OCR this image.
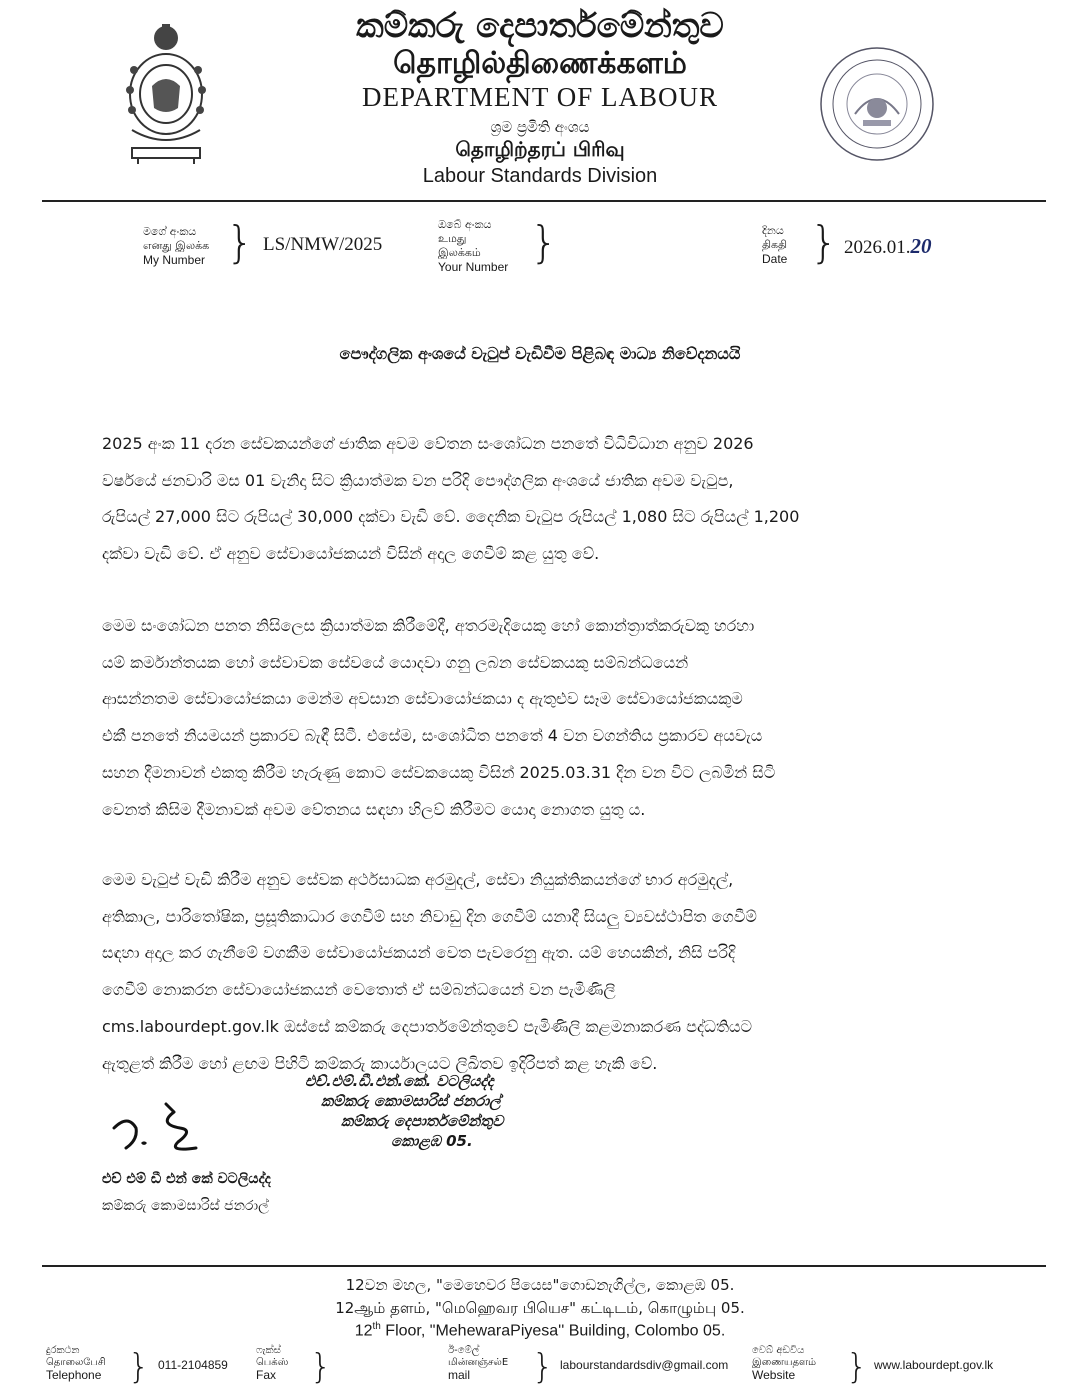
කම්කරු දෙපාර්තමේන්තුව
தொழில்திணைக்களம்
DEPARTMENT OF LABOUR
ශ්‍රම ප්‍රමිති අංශය
தொழிற்தரப் பிரிவு
Labour Standards Division
මගේ අංකය
எனது இலக்க
My Number } LS/NMW/2025
ඔබේ අංකය
உமது
இலக்கம்
Your Number }	දිනය
திகதி
Date } 2026.01.20
පෞද්ගලික අංශයේ වැටුප් වැඩිවීම පිළිබඳ මාධ්‍ය නිවේදනයයි
2025 අංක 11 දරන සේවකයන්ගේ ජාතික අවම වේතන සංශෝධන පනතේ විධිවිධාන අනුව 2026
වර්ෂයේ ජනවාරි මස 01 වැනිදා සිට ක්‍රියාත්මක වන පරිදි පෞද්ගලික අංශයේ ජාතික අවම වැටුප,
රුපියල් 27,000 සිට රුපියල් 30,000 දක්වා වැඩි වේ. දෛනික වැටුප රුපියල් 1,080 සිට රුපියල් 1,200
දක්වා වැඩි වේ. ඒ අනුව සේවායෝජකයන් විසින් අදාල ගෙවීම් කළ යුතු වේ.
මෙම සංශෝධන පනත නිසිලෙස ක්‍රියාත්මක කිරීමේදී, අතරමැදියෙකු හෝ කොන්ත්‍රාත්කරුවකු හරහා
යම් කර්මාන්තයක හෝ සේවාවක සේවයේ යොදවා ගනු ලබන සේවකයකු සම්බන්ධයෙන්
ආසන්නතම සේවායෝජකයා මෙන්ම අවසාන සේවායෝජකයා ද ඇතුළුව සෑම සේවායෝජකයකුම
එකී පනතේ නියමයන් ප්‍රකාරව බැඳී සිටී. එසේම, සංශෝධිත පනතේ 4 වන වගන්තිය ප්‍රකාරව අයවැය
සහන දීමනාවන් එකතු කිරීම හැරුණු කොට සේවකයෙකු විසින් 2025.03.31 දින වන විට ලබමින් සිටි
වෙනත් කිසිම දීමනාවක් අවම වේතනය සඳහා හිලව් කිරීමට යොදා නොගත යුතු ය.
මෙම වැටුප් වැඩි කිරීම අනුව සේවක අර්ථසාධක අරමුදල්, සේවා නියුක්තිකයන්ගේ භාර අරමුදල්,
අතිකාල, පාරිතෝෂික, ප්‍රසූතිකාධාර ගෙවීම් සහ නිවාඩු දින ගෙවීම් යනාදී සියලු ව්‍යවස්ථාපිත ගෙවීම්
සඳහා අදාල කර ගැනීමේ වගකීම සේවායෝජකයන් වෙත පැවරෙනු ඇත. යම් හෙයකින්, නිසි පරිදි
ගෙවීම් නොකරන සේවායෝජකයන් වෙතොත් ඒ සම්බන්ධයෙන් වන පැමිණිලි
cms.labourdept.gov.lk ඔස්සේ කම්කරු දෙපාර්තමේන්තුවේ පැමිණිලි කළමනාකරණ පද්ධතියට
ඇතුළත් කිරීම හෝ ළඟම පිහිටි කම්කරු කාර්යාලයට ලිඛිතව ඉදිරිපත් කළ හැකි වේ.
එච්.එම්.ඩී.එන්.කේ. වටලියද්ද
කම්කරු කොමසාරිස් ජනරාල්
කම්කරු දෙපාර්තමේන්තුව
කොළඹ 05.
එච් එම් ඩී එන් කේ වටලියද්ද
කම්කරු කොමසාරිස් ජනරාල්
12වන මහල, "මෙහෙවර පියෙස"ගොඩනැගිල්ල, කොළඹ 05.
12ஆம் தளம், "மெஹெவர பியெச" கட்டிடம், கொழும்பு 05.
12th Floor, "MehewaraPiyesa'' Building, Colombo 05.
දුරකථන
தொலைபேசி
Telephone } 011-2104859
ෆැක්ස්
பெக்ஸ்
Fax }	ඊ-මේල්
மின்னஞ்சல்E
mail	} labourstandardsdiv@gmail.com
වෙබ් අඩවිය
இணையதளம்
Website	} www.labourdept.gov.lk
